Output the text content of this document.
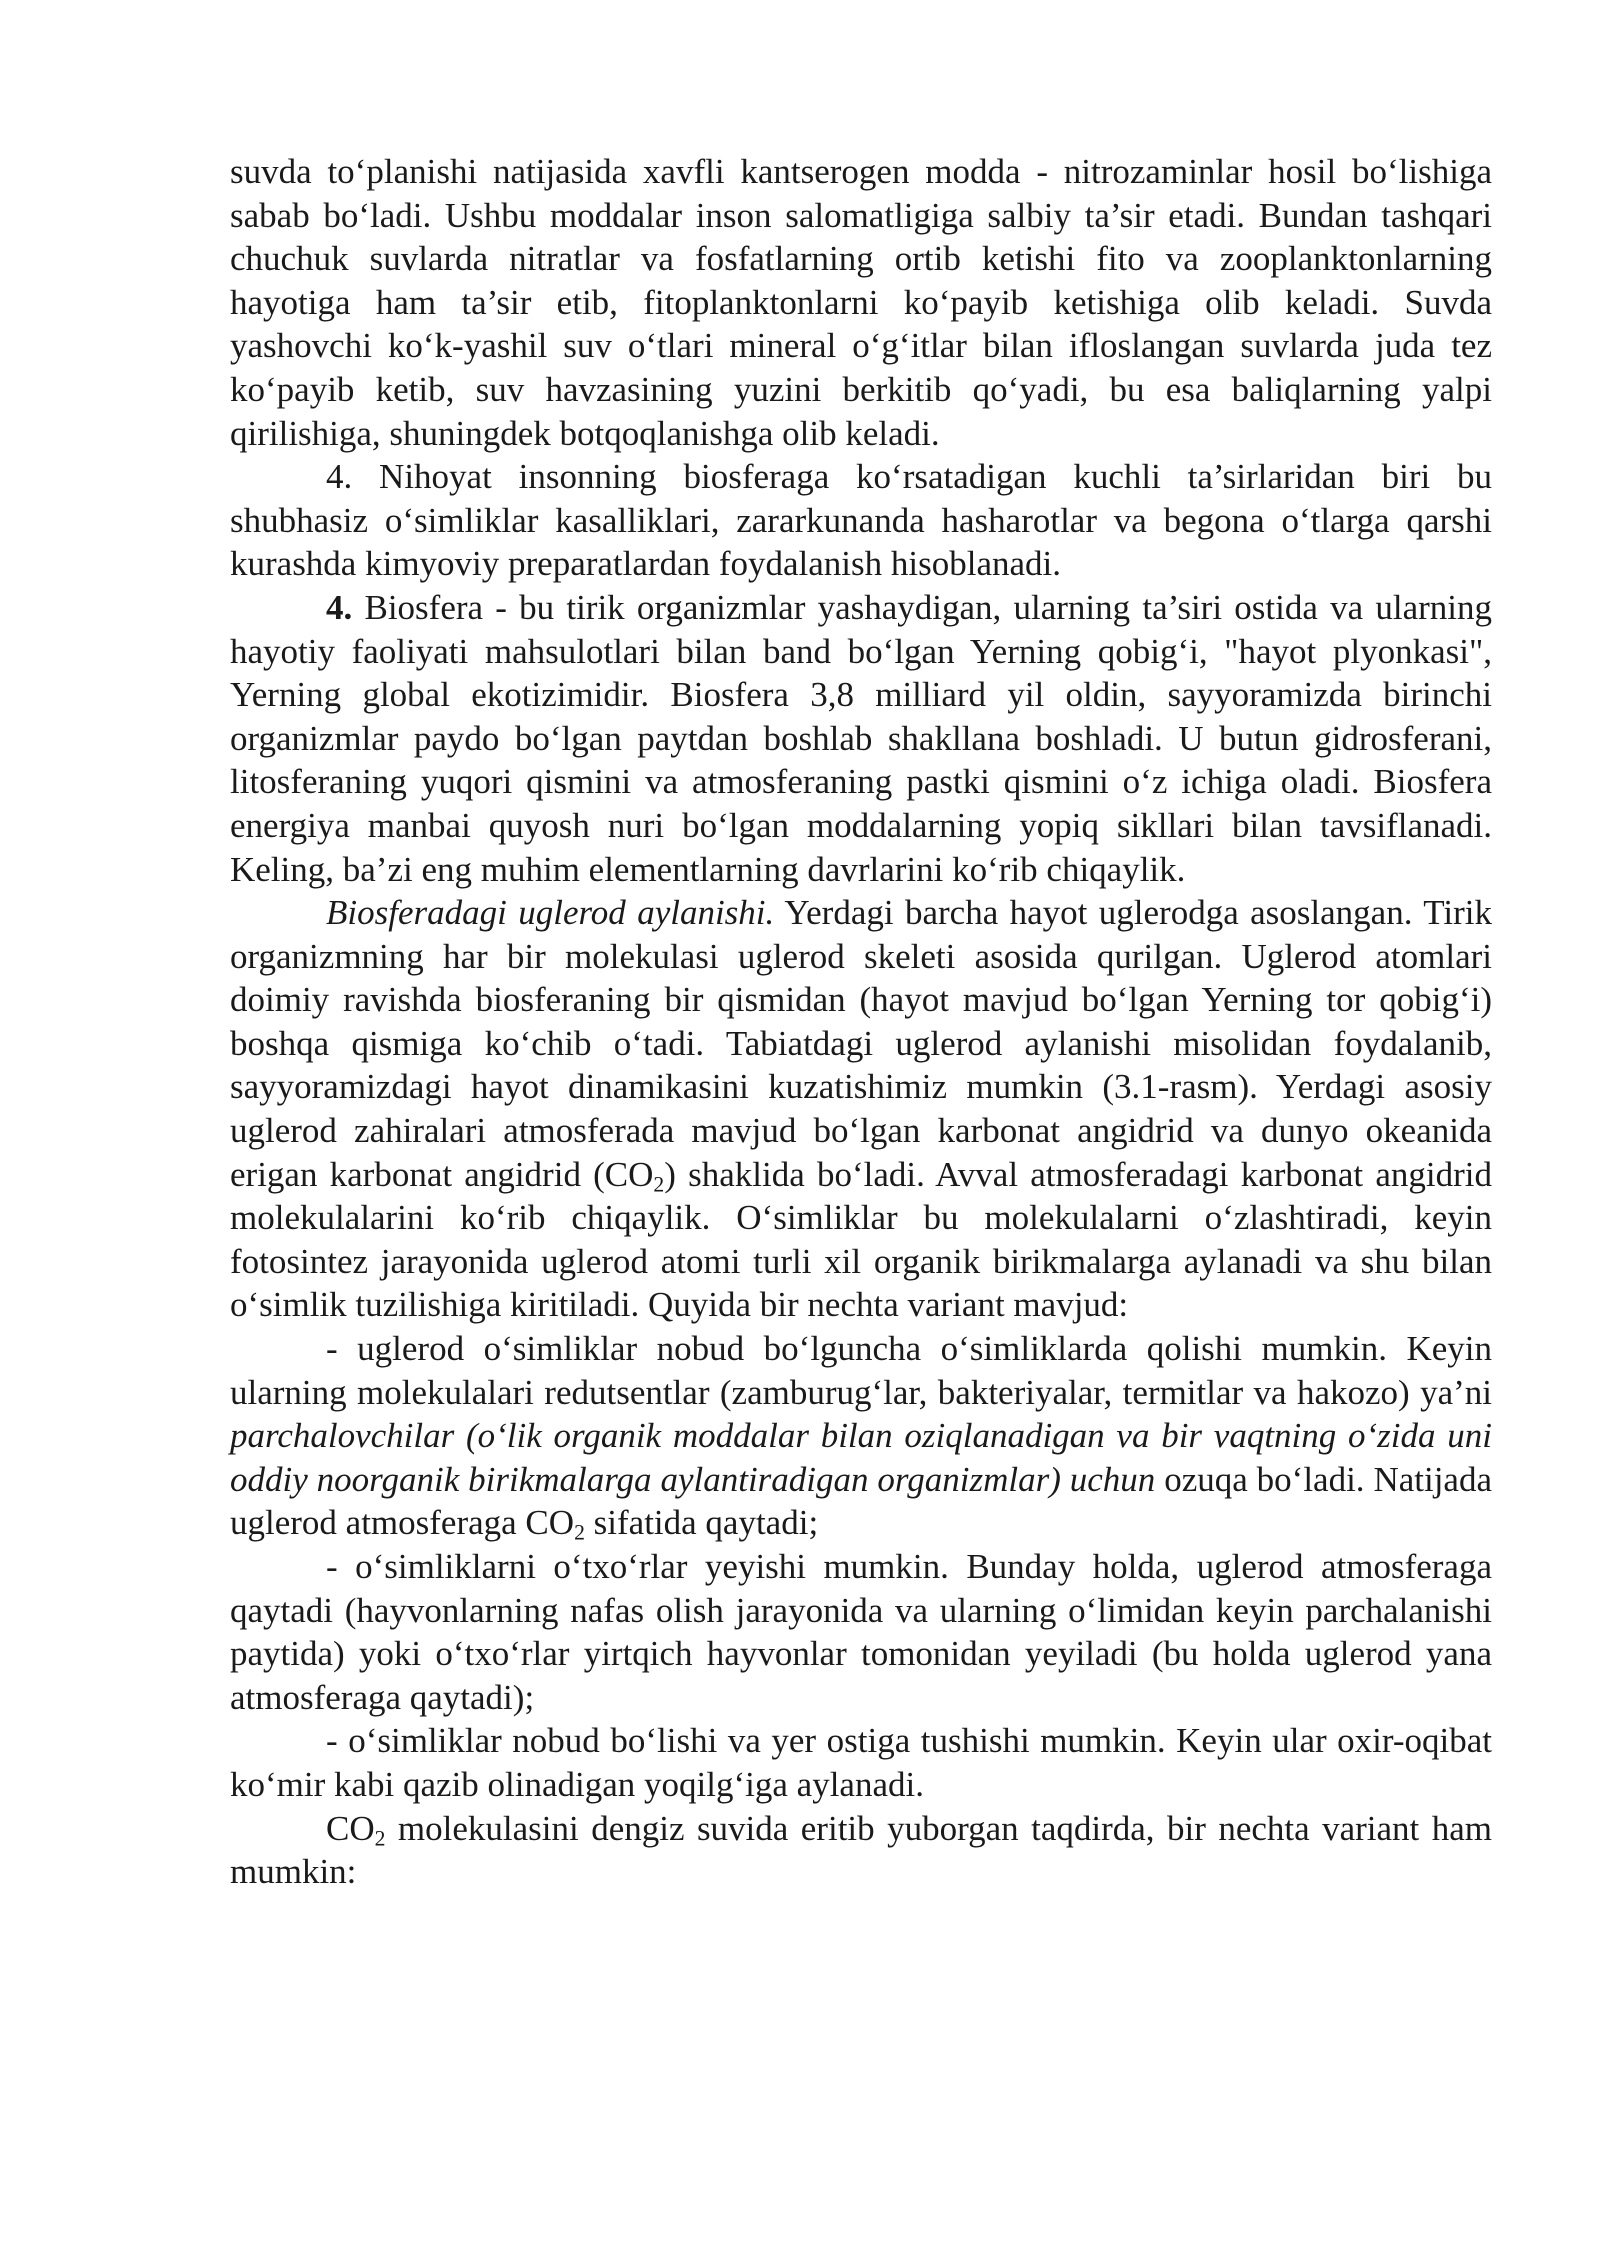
suvda to‘planishi natijasida xavfli kantserogen modda - nitrozaminlar hosil bo‘lishiga sabab bo‘ladi. Ushbu moddalar inson salomatligiga salbiy ta’sir etadi. Bundan tashqari chuchuk suvlarda nitratlar va fosfatlarning ortib ketishi fito va zooplanktonlarning hayotiga ham ta’sir etib, fitoplanktonlarni ko‘payib ketishiga olib keladi. Suvda yashovchi ko‘k-yashil suv o‘tlari mineral o‘g‘itlar bilan ifloslangan suvlarda juda tez ko‘payib ketib, suv havzasining yuzini berkitib qo‘yadi, bu esa baliqlarning yalpi qirilishiga, shuningdek botqoqlanishga olib keladi.

4. Nihoyat insonning biosferaga ko‘rsatadigan kuchli ta’sirlaridan biri bu shubhasiz o‘simliklar kasalliklari, zararkunanda hasharotlar va begona o‘tlarga qarshi kurashda kimyoviy preparatlardan foydalanish hisoblanadi.

4. Biosfera - bu tirik organizmlar yashaydigan, ularning ta’siri ostida va ularning hayotiy faoliyati mahsulotlari bilan band bo‘lgan Yerning qobig‘i, "hayot plyonkasi", Yerning global ekotizimidir. Biosfera 3,8 milliard yil oldin, sayyoramizda birinchi organizmlar paydo bo‘lgan paytdan boshlab shakllana boshladi. U butun gidrosferani, litosferaning yuqori qismini va atmosferaning pastki qismini o‘z ichiga oladi. Biosfera energiya manbai quyosh nuri bo‘lgan moddalarning yopiq sikllari bilan tavsiflanadi. Keling, ba’zi eng muhim elementlarning davrlarini ko‘rib chiqaylik.

Biosferadagi uglerod aylanishi. Yerdagi barcha hayot uglerodga asoslangan. Tirik organizmning har bir molekulasi uglerod skeleti asosida qurilgan. Uglerod atomlari doimiy ravishda biosferaning bir qismidan (hayot mavjud bo‘lgan Yerning tor qobig‘i) boshqa qismiga ko‘chib o‘tadi. Tabiatdagi uglerod aylanishi misolidan foydalanib, sayyoramizdagi hayot dinamikasini kuzatishimiz mumkin (3.1-rasm). Yerdagi asosiy uglerod zahiralari atmosferada mavjud bo‘lgan karbonat angidrid va dunyo okeanida erigan karbonat angidrid $(CO_2)$ shaklida bo‘ladi. Avval atmosferadagi karbonat angidrid molekulalarini ko‘rib chiqaylik. O‘simliklar bu molekulalarni o‘zlashtiradi, keyin fotosintez jarayonida uglerod atomi turli xil organik birikmalarga aylanadi va shu bilan o‘simlik tuzilishiga kiritiladi. Quyida bir nechta variant mavjud:

- uglerod o‘simliklar nobud bo‘lguncha o‘simliklarda qolishi mumkin. Keyin ularning molekulalari redutsentlar (zamburug‘lar, bakteriyalar, termitlar va hakozo) ya’ni parchalovchilar (o‘lik organik moddalar bilan oziqlanadigan va bir vaqtning o‘zida uni oddiy noorganik birikmalarga aylantiradigan organizmlar) uchun ozuqa bo‘ladi. Natijada uglerod atmosferaga $CO_2$ sifatida qaytadi;

- o‘simliklarni o‘txo‘rlar yeyishi mumkin. Bunday holda, uglerod atmosferaga qaytadi (hayvonlarning nafas olish jarayonida va ularning o‘limidan keyin parchalanishi paytida) yoki o‘txo‘rlar yirtqich hayvonlar tomonidan yeyiladi (bu holda uglerod yana atmosferaga qaytadi);

- o‘simliklar nobud bo‘lishi va yer ostiga tushishi mumkin. Keyin ular oxir-oqibat ko‘mir kabi qazib olinadigan yoqilg‘iga aylanadi.

$CO_2$ molekulasini dengiz suvida eritib yuborgan taqdirda, bir nechta variant ham mumkin:
